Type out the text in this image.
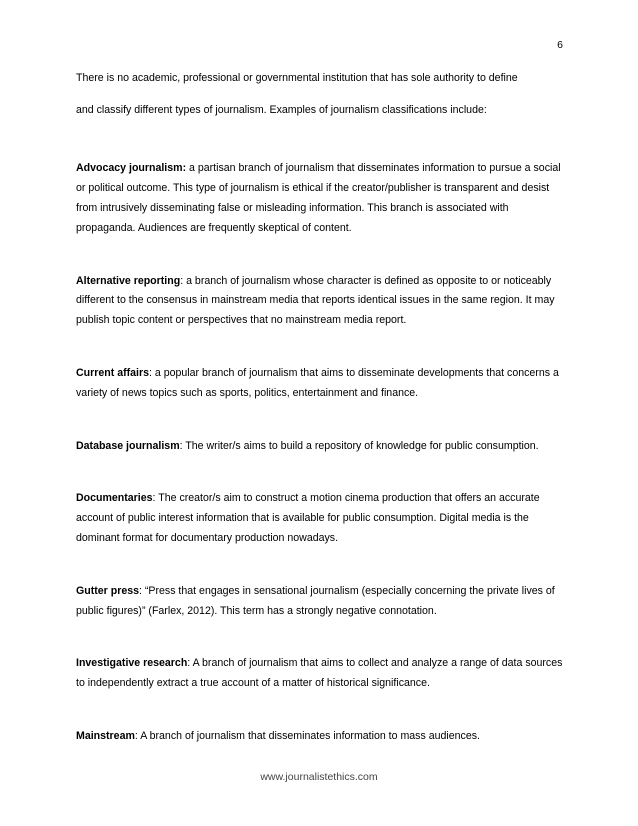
6

There is no academic, professional or governmental institution that has sole authority to define

and classify different types of journalism. Examples of journalism classifications include:

Advocacy journalism: a partisan branch of journalism that disseminates information to pursue a social or political outcome. This type of journalism is ethical if the creator/publisher is transparent and desist from intrusively disseminating false or misleading information. This branch is associated with propaganda. Audiences are frequently skeptical of content.

Alternative reporting: a branch of journalism whose character is defined as opposite to or noticeably different to the consensus in mainstream media that reports identical issues in the same region. It may publish topic content or perspectives that no mainstream media report.

Current affairs: a popular branch of journalism that aims to disseminate developments that concerns a variety of news topics such as sports, politics, entertainment and finance.

Database journalism: The writer/s aims to build a repository of knowledge for public consumption.

Documentaries: The creator/s aim to construct a motion cinema production that offers an accurate account of public interest information that is available for public consumption. Digital media is the dominant format for documentary production nowadays.

Gutter press: “Press that engages in sensational journalism (especially concerning the private lives of public figures)” (Farlex, 2012). This term has a strongly negative connotation.

Investigative research: A branch of journalism that aims to collect and analyze a range of data sources to independently extract a true account of a matter of historical significance.

Mainstream: A branch of journalism that disseminates information to mass audiences.

www.journalistethics.com
